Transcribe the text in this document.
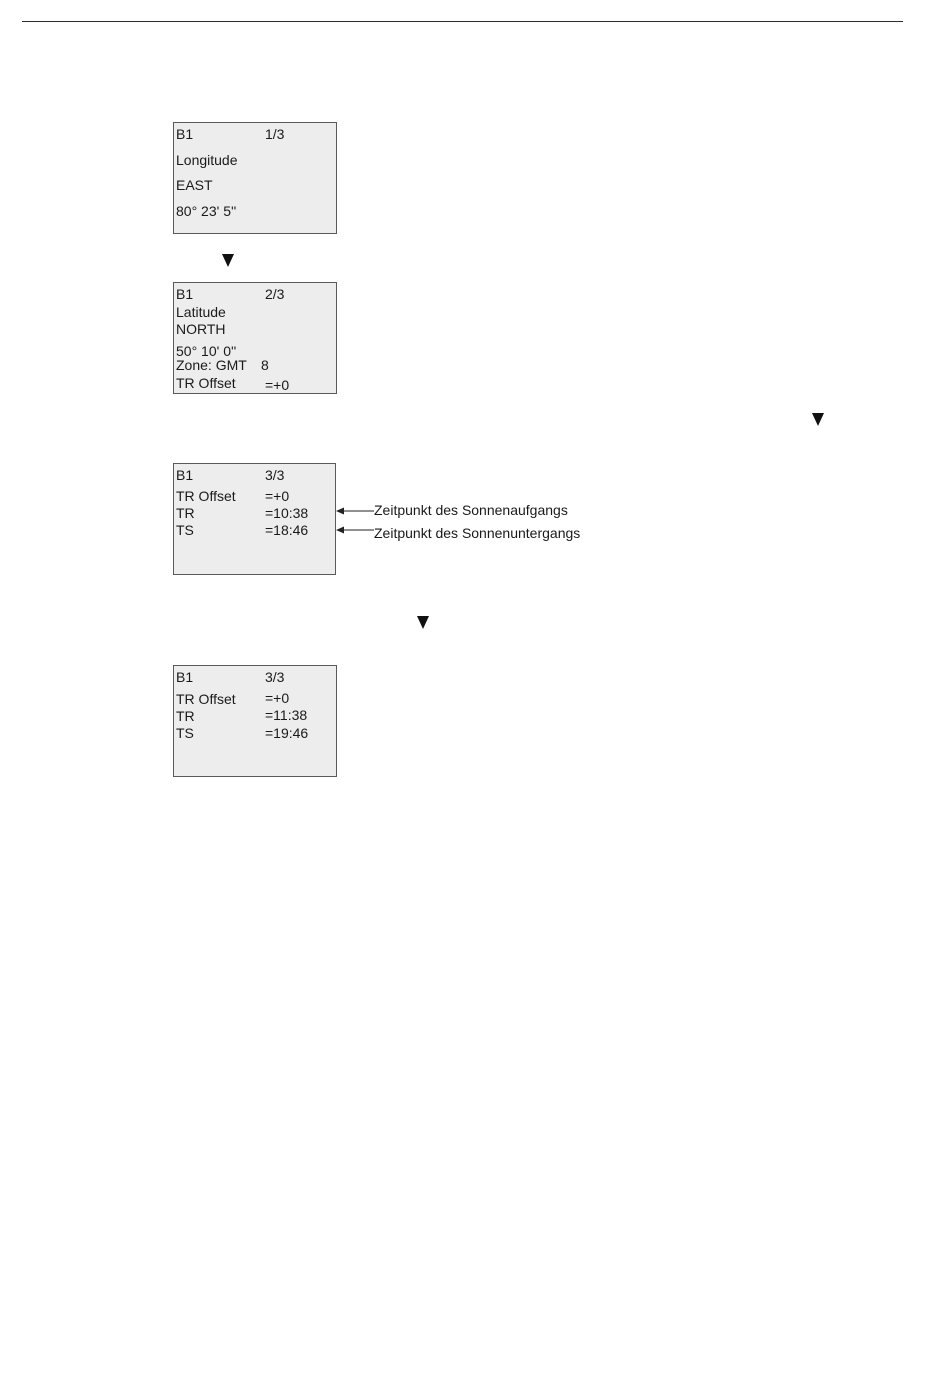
B1	1/3
Longitude
EAST
80° 23' 5''
B1	2/3
Latitude
NORTH
50° 10' 0''
Zone: GMT 8
TR Offset =+0
B1	3/3
TR Offset =+0
TR	=10:38
TS	=18:46
Zeitpunkt des Sonnenaufgangs
Zeitpunkt des Sonnenuntergangs
B1	3/3
TR Offset =+0
TR	=11:38
TS	=19:46
